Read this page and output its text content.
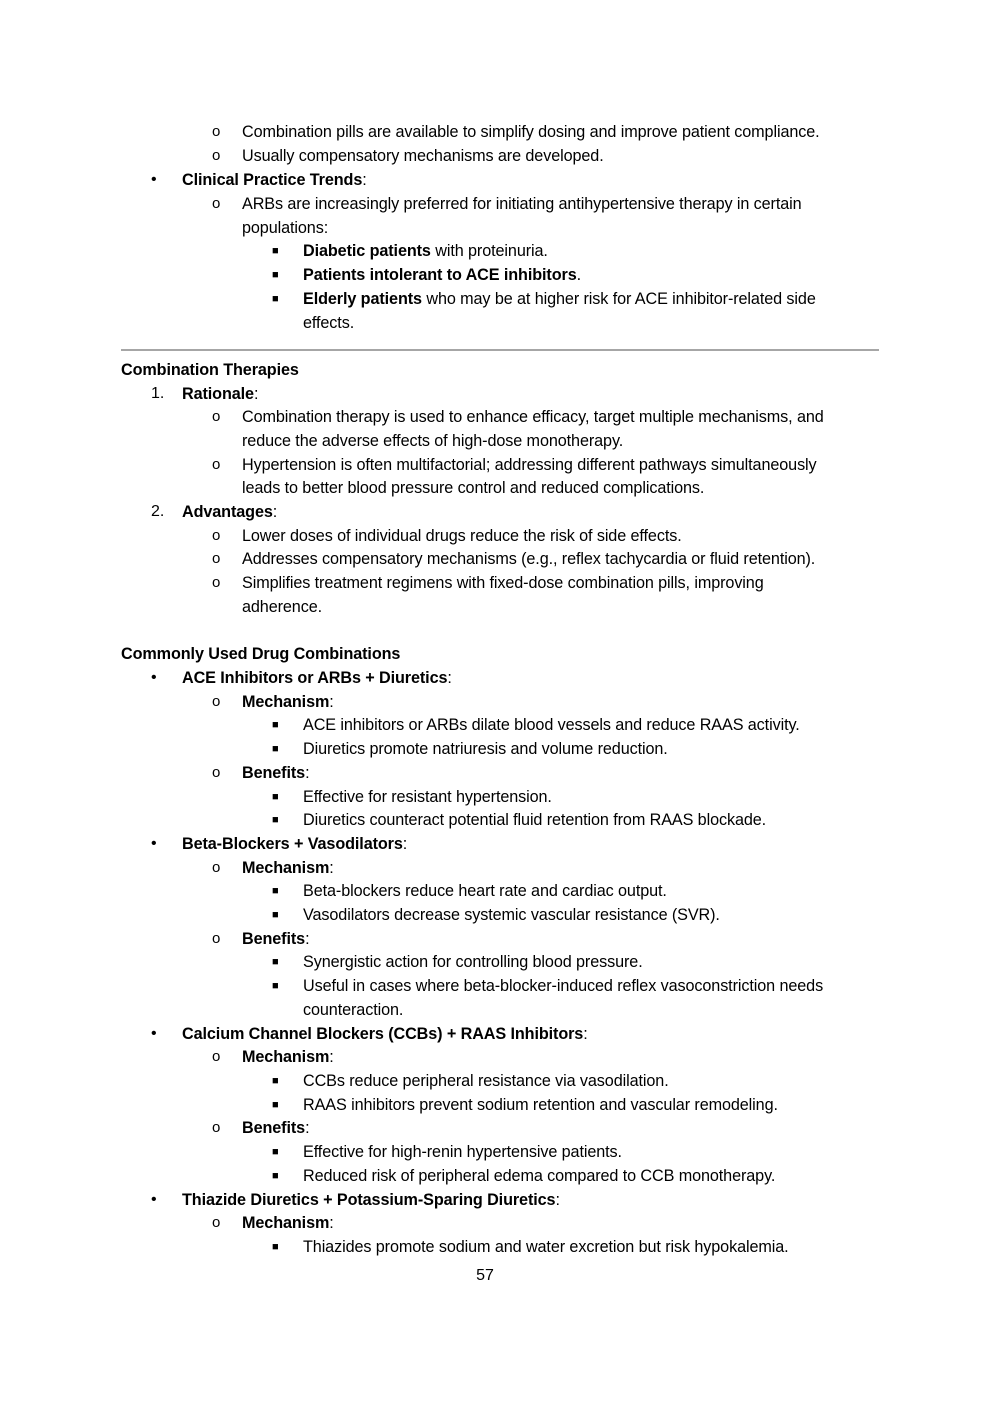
o Combination pills are available to simplify dosing and improve patient compliance.
o Usually compensatory mechanisms are developed.
• Clinical Practice Trends:
o ARBs are increasingly preferred for initiating antihypertensive therapy in certain
populations:
■ Diabetic patients with proteinuria.
■ Patients intolerant to ACE inhibitors.
■ Elderly patients who may be at higher risk for ACE inhibitor-related side
effects.
Combination Therapies
1. Rationale:
o Combination therapy is used to enhance efficacy, target multiple mechanisms, and
reduce the adverse effects of high-dose monotherapy.
o Hypertension is often multifactorial; addressing different pathways simultaneously
leads to better blood pressure control and reduced complications.
2. Advantages:
o Lower doses of individual drugs reduce the risk of side effects.
o Addresses compensatory mechanisms (e.g., reflex tachycardia or fluid retention).
o Simplifies treatment regimens with fixed-dose combination pills, improving
adherence.
Commonly Used Drug Combinations
• ACE Inhibitors or ARBs + Diuretics:
o Mechanism:
■ ACE inhibitors or ARBs dilate blood vessels and reduce RAAS activity.
■ Diuretics promote natriuresis and volume reduction.
o Benefits:
■ Effective for resistant hypertension.
■ Diuretics counteract potential fluid retention from RAAS blockade.
• Beta-Blockers + Vasodilators:
o Mechanism:
■ Beta-blockers reduce heart rate and cardiac output.
■ Vasodilators decrease systemic vascular resistance (SVR).
o Benefits:
■ Synergistic action for controlling blood pressure.
■ Useful in cases where beta-blocker-induced reflex vasoconstriction needs
counteraction.
• Calcium Channel Blockers (CCBs) + RAAS Inhibitors:
o Mechanism:
■ CCBs reduce peripheral resistance via vasodilation.
■ RAAS inhibitors prevent sodium retention and vascular remodeling.
o Benefits:
■ Effective for high-renin hypertensive patients.
■ Reduced risk of peripheral edema compared to CCB monotherapy.
• Thiazide Diuretics + Potassium-Sparing Diuretics:
o Mechanism:
■ Thiazides promote sodium and water excretion but risk hypokalemia.
57
